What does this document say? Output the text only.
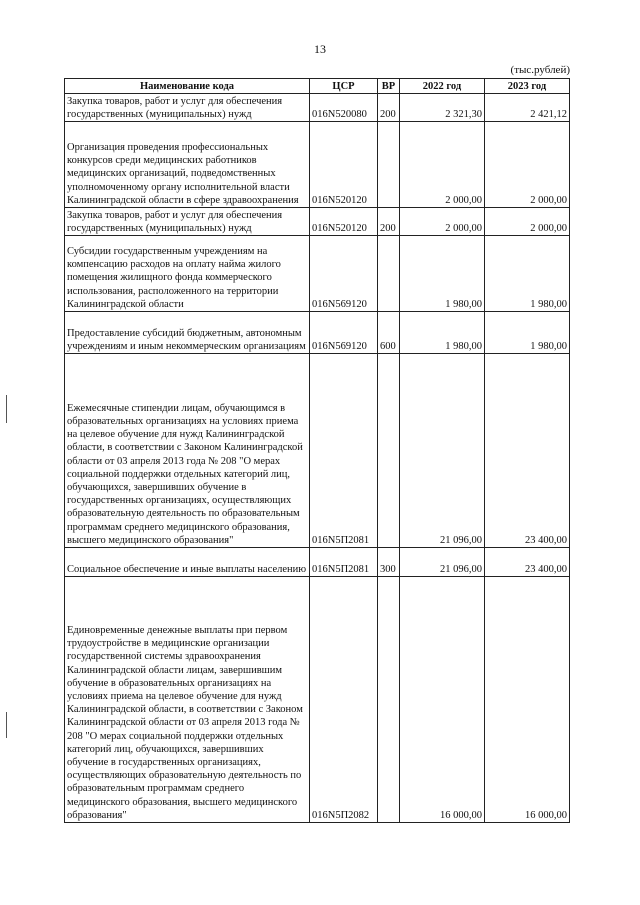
13
(тыс.рублей)
Наименование кода	ЦСР	ВР	2022 год	2023 год
Закупка товаров, работ и услуг для обеспечения государственных (муниципальных) нужд	016N520080	200	2 321,30	2 421,12
Организация проведения профессиональных конкурсов среди медицинских работников медицинских организаций, подведомственных уполномоченному органу исполнительной власти Калининградской области в сфере здравоохранения	016N520120		2 000,00	2 000,00
Закупка товаров, работ и услуг для обеспечения государственных (муниципальных) нужд	016N520120	200	2 000,00	2 000,00
Субсидии государственным учреждениям на компенсацию расходов на оплату найма жилого помещения жилищного фонда коммерческого использования, расположенного на территории Калининградской области	016N569120		1 980,00	1 980,00
Предоставление субсидий бюджетным, автономным учреждениям и иным некоммерческим организациям	016N569120	600	1 980,00	1 980,00
Ежемесячные стипендии лицам, обучающимся в образовательных организациях на условиях приема на целевое обучение для нужд Калининградской области, в соответствии с Законом Калининградской области от 03 апреля 2013 года № 208 "О мерах социальной поддержки отдельных категорий лиц, обучающихся, завершивших обучение в государственных организациях, осуществляющих образовательную деятельность по образовательным программам среднего медицинского образования, высшего медицинского образования"	016N5П2081		21 096,00	23 400,00
Социальное обеспечение и иные выплаты населению	016N5П2081	300	21 096,00	23 400,00
Единовременные денежные выплаты при первом трудоустройстве в медицинские организации государственной системы здравоохранения Калининградской области лицам, завершившим обучение в образовательных организациях на условиях приема на целевое обучение для нужд Калининградской области, в соответствии с Законом Калининградской области от 03 апреля 2013 года № 208 "О мерах социальной поддержки отдельных категорий лиц, обучающихся, завершивших обучение в государственных организациях, осуществляющих образовательную деятельность по образовательным программам среднего медицинского образования, высшего медицинского образования"	016N5П2082		16 000,00	16 000,00
